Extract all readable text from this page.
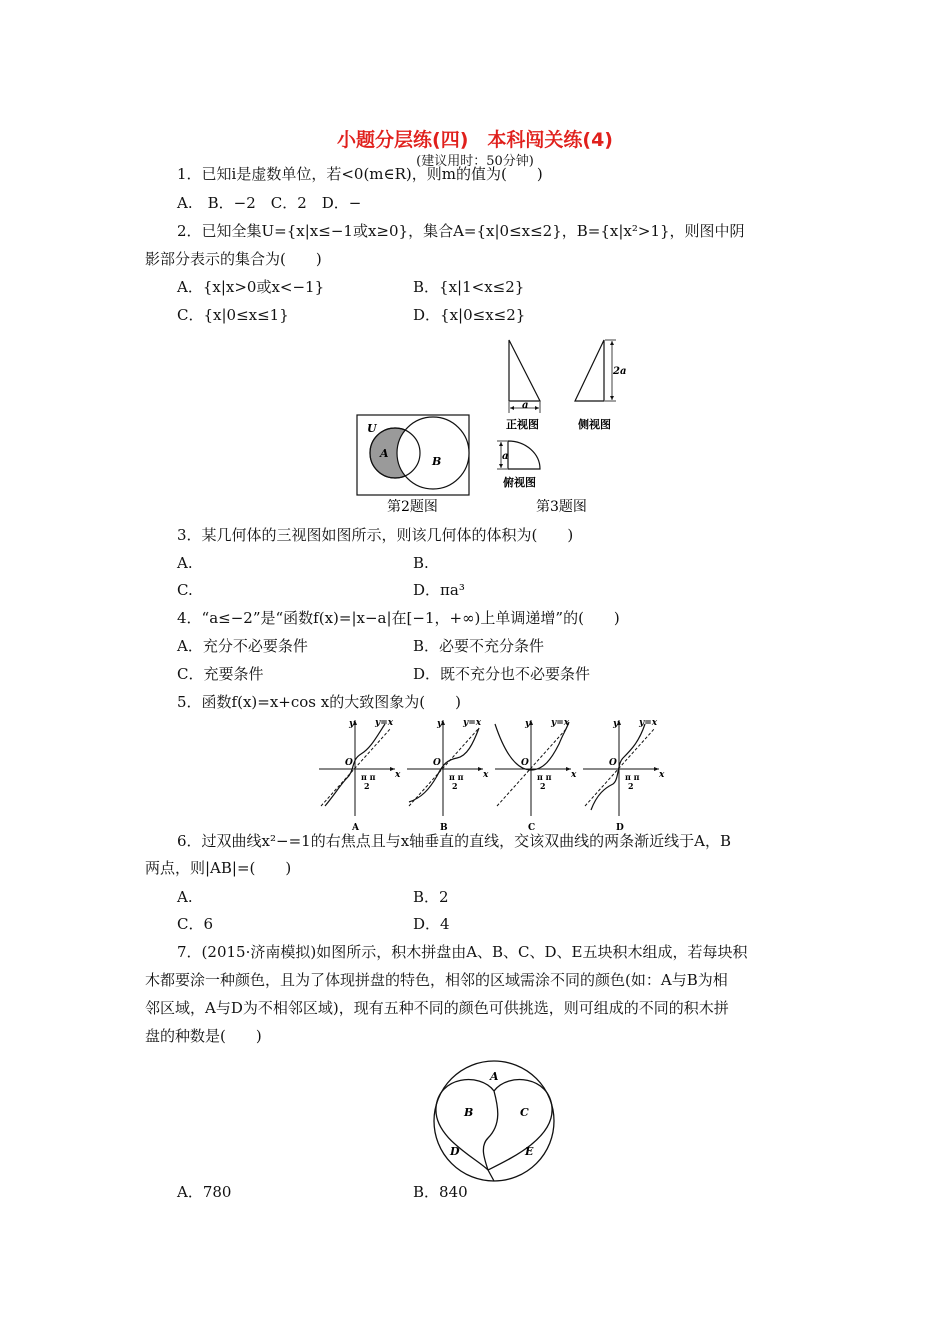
小题分层练(四)　本科闯关练(4)
(建议用时：50分钟)
1．已知i是虚数单位，若<0(m∈R)，则m的值为(　　)
A.　B．−2　C．2　D．−
2．已知全集U={x|x≤−1或x≥0}，集合A={x|0≤x≤2}，B={x|x²>1}，则图中阴
影部分表示的集合为(　　)
A．{x|x>0或x<−1}	B．{x|1<x≤2}
C．{x|0≤x≤1}	D．{x|0≤x≤2}
U
A
B
第2题图
a
正视图
2a
侧视图
a
俯视图
第3题图
3．某几何体的三视图如图所示，则该几何体的体积为(　　)
A.	B.
C.	D．πa³
4．“a≤−2”是“函数f(x)=|x−a|在[−1，+∞)上单调递增”的(　　)
A．充分不必要条件	B．必要不充分条件
C．充要条件	D．既不充分也不必要条件
5．函数f(x)=x+cos x的大致图象为(　　)
y y=x
x
O
π π
2
A
y y=x
x
O
π π
2
B
y y=x
x
O
π π
2
C
y y=x
x
O
π π
2
D
6．过双曲线x²−=1的右焦点且与x轴垂直的直线，交该双曲线的两条渐近线于A，B
两点，则|AB|=(　　)
A.	B．2
C．6	D．4
7．(2015·济南模拟)如图所示，积木拼盘由A、B、C、D、E五块积木组成，若每块积
木都要涂一种颜色，且为了体现拼盘的特色，相邻的区域需涂不同的颜色(如：A与B为相
邻区域，A与D为不相邻区域)，现有五种不同的颜色可供挑选，则可组成的不同的积木拼
盘的种数是(　　)
A
B	C
D	E
A．780	B．840
